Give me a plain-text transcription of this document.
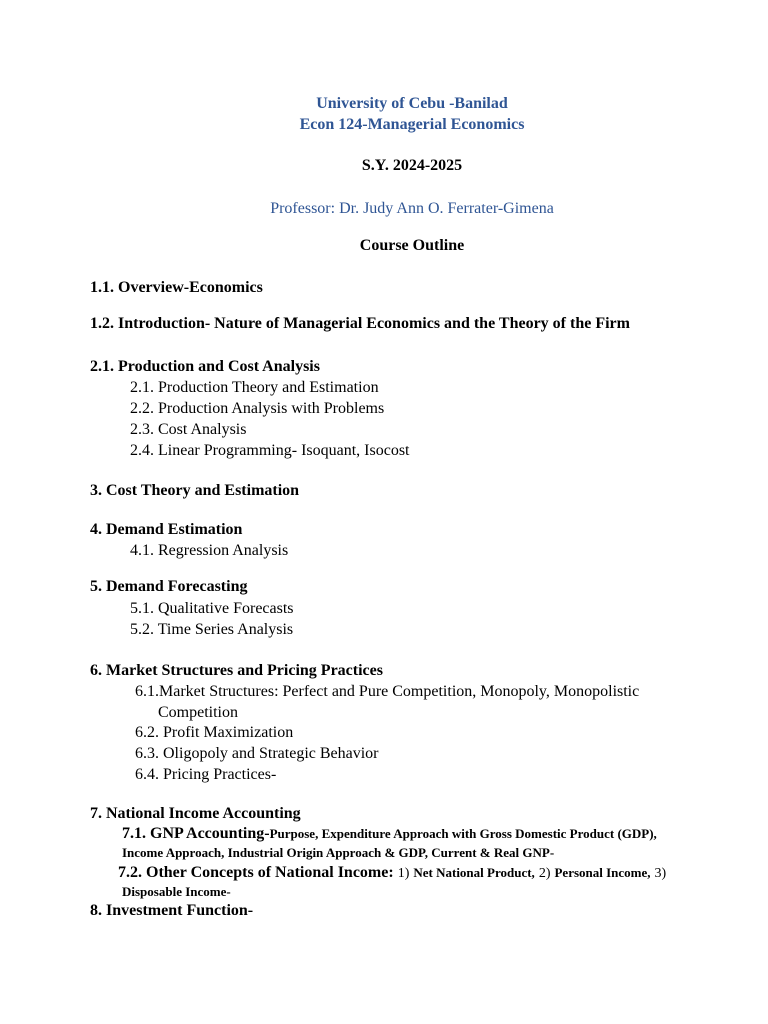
University of Cebu -Banilad
Econ 124-Managerial Economics
S.Y. 2024-2025
Professor: Dr. Judy Ann O. Ferrater-Gimena
Course Outline
1.1. Overview-Economics
1.2. Introduction- Nature of Managerial Economics and the Theory of the Firm
2.1. Production and Cost Analysis
2.1. Production Theory and Estimation
2.2. Production Analysis with Problems
2.3. Cost Analysis
2.4. Linear Programming- Isoquant, Isocost
3. Cost Theory and Estimation
4. Demand Estimation
4.1. Regression Analysis
5. Demand Forecasting
5.1. Qualitative Forecasts
5.2. Time Series Analysis
6. Market Structures and Pricing Practices
6.1.Market Structures: Perfect and Pure Competition, Monopoly, Monopolistic
Competition
6.2. Profit Maximization
6.3. Oligopoly and Strategic Behavior
6.4. Pricing Practices-
7. National Income Accounting
7.1. GNP Accounting-Purpose, Expenditure Approach with Gross Domestic Product (GDP),
Income Approach, Industrial Origin Approach & GDP, Current & Real GNP-
7.2. Other Concepts of National Income: 1) Net National Product, 2) Personal Income, 3)
Disposable Income-
8. Investment Function-
